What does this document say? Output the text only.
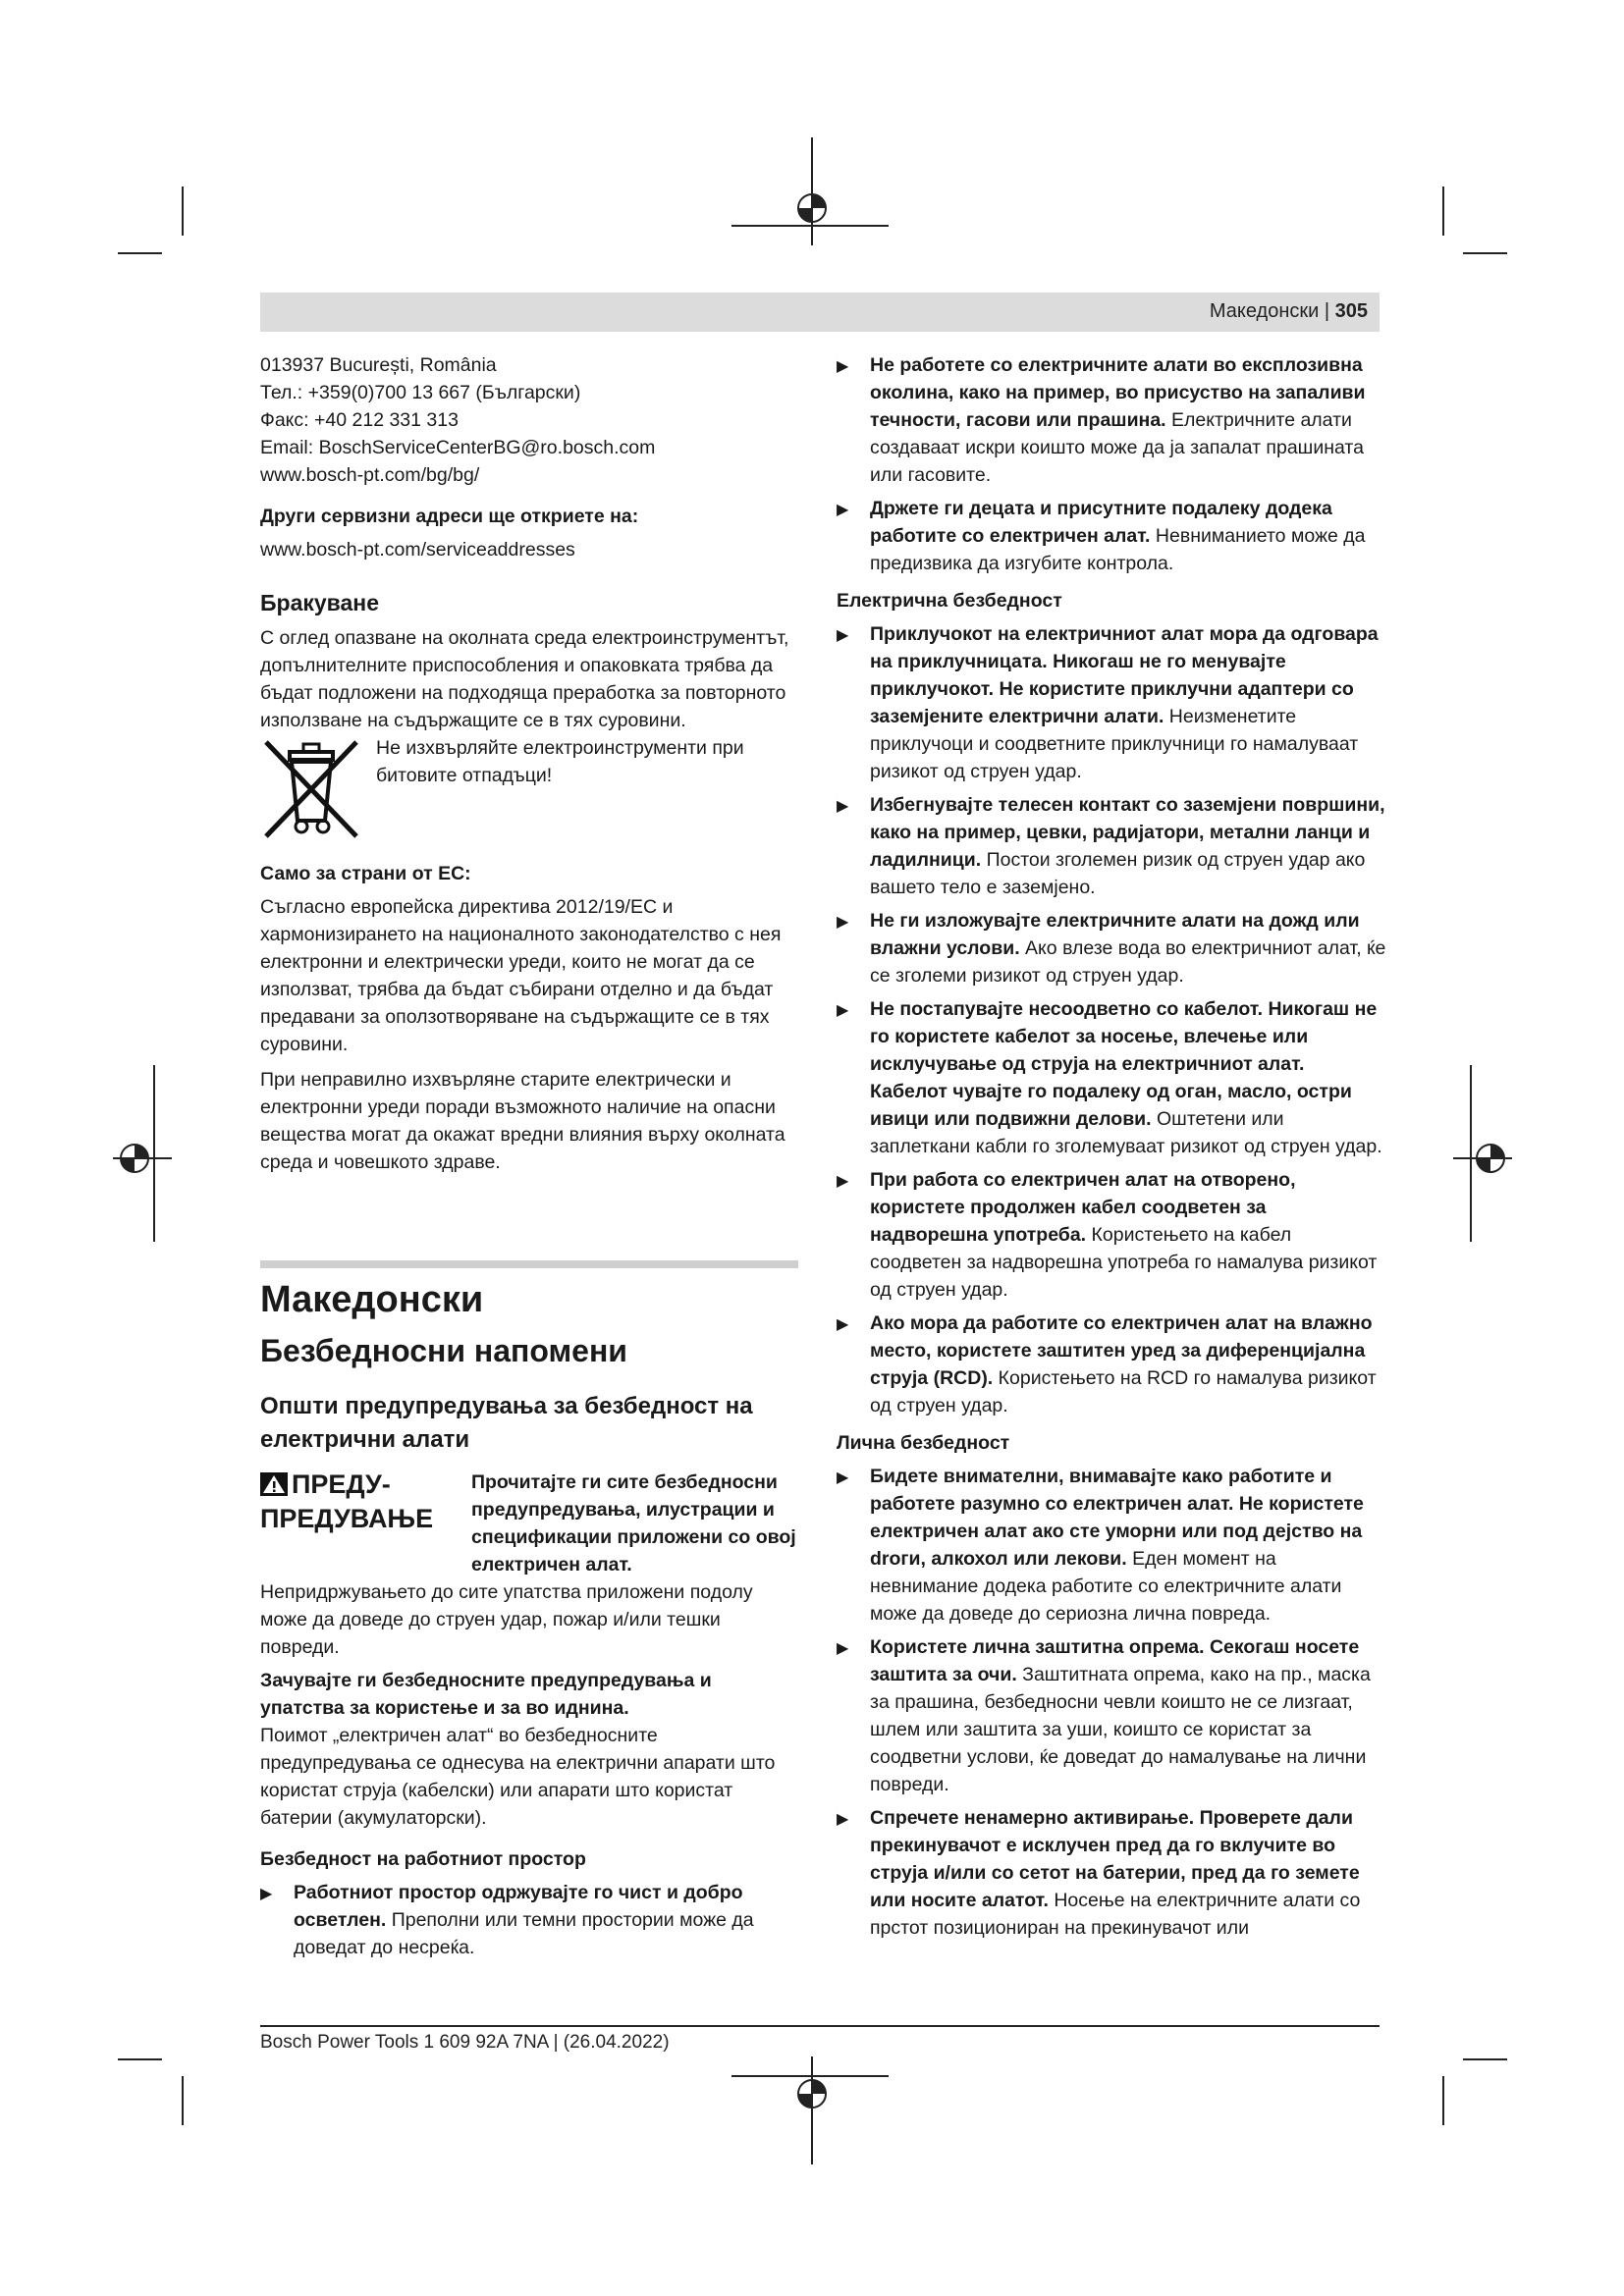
Македонски | 305

013937 București, România

Тел.: +359(0)700 13 667 (Български)

Факс: +40 212 331 313

Email: BoschServiceCenterBG@ro.bosch.com

www.bosch-pt.com/bg/bg/

Други сервизни адреси ще откриете на:

www.bosch-pt.com/serviceaddresses

Бракуване

С оглед опазване на околната среда електроинструментът, допълнителните приспособления и опаковката трябва да бъдат подложени на подходяща преработка за повторното използване на съдържащите се в тях суровини.

Не изхвърляйте електроинструменти при битовите отпадъци!

Само за страни от ЕС:

Съгласно европейска директива 2012/19/ЕС и хармонизирането на националното законодателство с нея електронни и електрически уреди, които не могат да се използват, трябва да бъдат събирани отделно и да бъдат предавани за оползотворяване на съдържащите се в тях суровини.

При неправилно изхвърляне старите електрически и електронни уреди поради възможното наличие на опасни вещества могат да окажат вредни влияния върху околната среда и човешкото здраве.

Македонски

Безбедносни напомени

Општи предупредувања за безбедност на електрични алати

ПРЕДУ-ПРЕДУВАЊЕ
Прочитајте ги сите безбедносни предупредувања, илустрации и спецификации приложени со овој електричен алат.

Непридржувањето до сите упатства приложени подолу може да доведе до струен удар, пожар и/или тешки повреди.

Зачувајте ги безбедносните предупредувања и упатства за користење и за во иднина.

Поимот „електричен алат“ во безбедносните предупредувања се однесува на електрични апарати што користат струја (кабелски) или апарати што користат батерии (акумулаторски).

Безбедност на работниот простор

▶	Работниот простор одржувајте го чист и добро осветлен. Преполни или темни простории може да доведат до несреќа.
▶	Не работете со електричните алати во експлозивна околина, како на пример, во присуство на запаливи течности, гасови или прашина. Електричните алати создаваат искри коишто може да ја запалат прашината или гасовите.
▶	Држете ги децата и присутните подалеку додека работите со електричен алат. Невниманието може да предизвика да изгубите контрола.

Електрична безбедност

▶	Приклучокот на електричниот алат мора да одговара на приклучницата. Никогаш не го менувајте приклучокот. Не користите приклучни адаптери со заземјените електрични алати. Неизменетите приклучоци и соодветните приклучници го намалуваат ризикот од струен удар.
▶	Избегнувајте телесен контакт со заземјени површини, како на пример, цевки, радијатори, метални ланци и ладилници. Постои зголемен ризик од струен удар ако вашето тело е заземјено.
▶	Не ги изложувајте електричните алати на дожд или влажни услови. Ако влезе вода во електричниот алат, ќе се зголеми ризикот од струен удар.
▶	Не постапувајте несоодветно со кабелот. Никогаш не го користете кабелот за носење, влечење или исклучување од струја на електричниот алат. Кабелот чувајте го подалеку од оган, масло, остри ивици или подвижни делови. Оштетени или заплеткани кабли го зголемуваат ризикот од струен удар.
▶	При работа со електричен алат на отворено, користете продолжен кабел соодветен за надворешна употреба. Користењето на кабел соодветен за надворешна употреба го намалува ризикот од струен удар.
▶	Ако мора да работите со електричен алат на влажно место, користете заштитен уред за диференцијална струја (RCD). Користењето на RCD го намалува ризикот од струен удар.

Лична безбедност

▶	Бидете внимателни, внимавајте како работите и работете разумно со електричен алат. Не користете електричен алат ако сте уморни или под дејство на droги, алкохол или лекови. Еден момент на невнимание додека работите со електричните алати може да доведе до сериозна лична повреда.
▶	Користете лична заштитна опрема. Секогаш носете заштита за очи. Заштитната опрема, како на пр., маска за прашина, безбедносни чевли коишто не се лизгаат, шлем или заштита за уши, коишто се користат за соодветни услови, ќе доведат до намалување на лични повреди.
▶	Спречете ненамерно активирање. Проверете дали прекинувачот е исклучен пред да го вклучите во струја и/или со сетот на батерии, пред да го земете или носите алатот. Носење на електричните алати со прстот позициониран на прекинувачот или
Bosch Power Tools 1 609 92A 7NA | (26.04.2022)
